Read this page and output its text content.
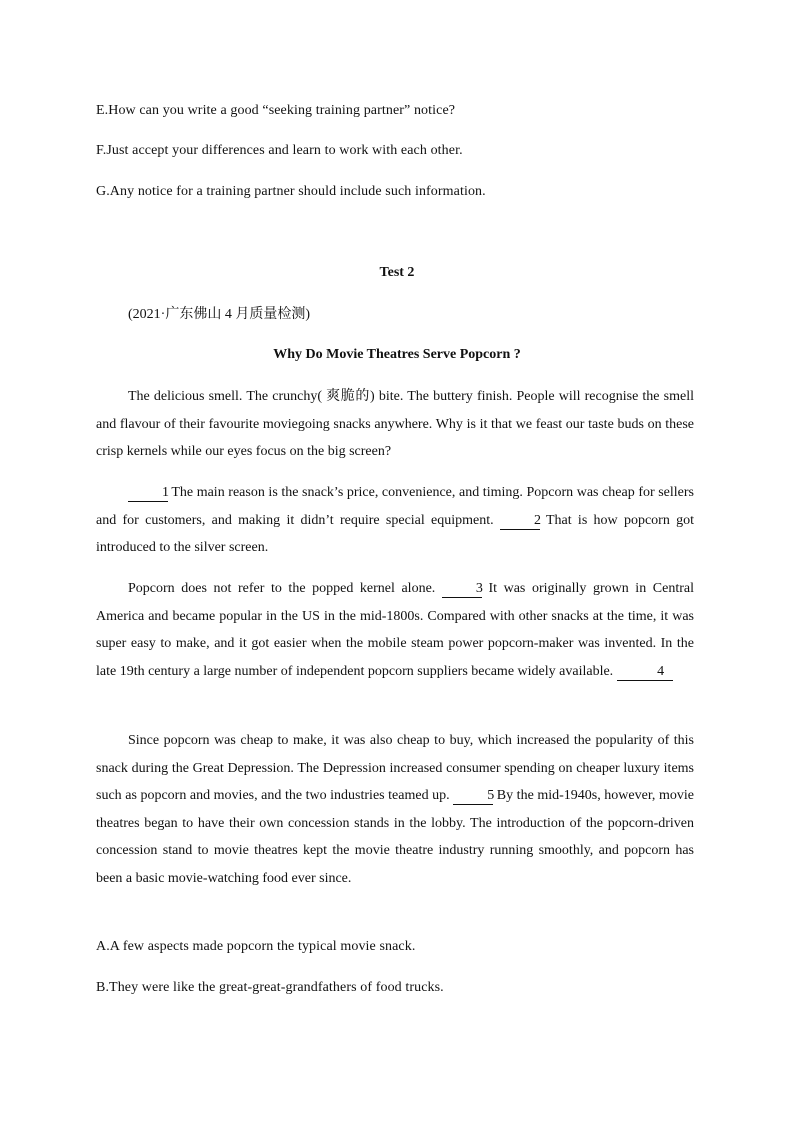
E.How can you write a good “seeking training partner” notice?
F.Just accept your differences and learn to work with each other.
G.Any notice for a training partner should include such information.
Test 2
(2021·广东佛山 4 月质量检测)
Why Do Movie Theatres Serve Popcorn ?
The delicious smell. The crunchy( 爽脆的) bite. The buttery finish. People will recognise the smell and flavour of their favourite moviegoing snacks anywhere. Why is it that we feast our taste buds on these crisp kernels while our eyes focus on the big screen?
1 The main reason is the snack’s price, convenience, and timing. Popcorn was cheap for sellers and for customers, and making it didn’t require special equipment. 2 That is how popcorn got introduced to the silver screen.
Popcorn does not refer to the popped kernel alone. 3 It was originally grown in Central America and became popular in the US in the mid-1800s. Compared with other snacks at the time, it was super easy to make, and it got easier when the mobile steam power popcorn-maker was invented. In the late 19th century a large number of independent popcorn suppliers became widely available.	4
Since popcorn was cheap to make, it was also cheap to buy, which increased the popularity of this snack during the Great Depression. The Depression increased consumer spending on cheaper luxury items such as popcorn and movies, and the two industries teamed up. 5 By the mid-1940s, however, movie theatres began to have their own concession stands in the lobby. The introduction of the popcorn-driven concession stand to movie theatres kept the movie theatre industry running smoothly, and popcorn has been a basic movie-watching food ever since.
A.A few aspects made popcorn the typical movie snack.
B.They were like the great-great-grandfathers of food trucks.
